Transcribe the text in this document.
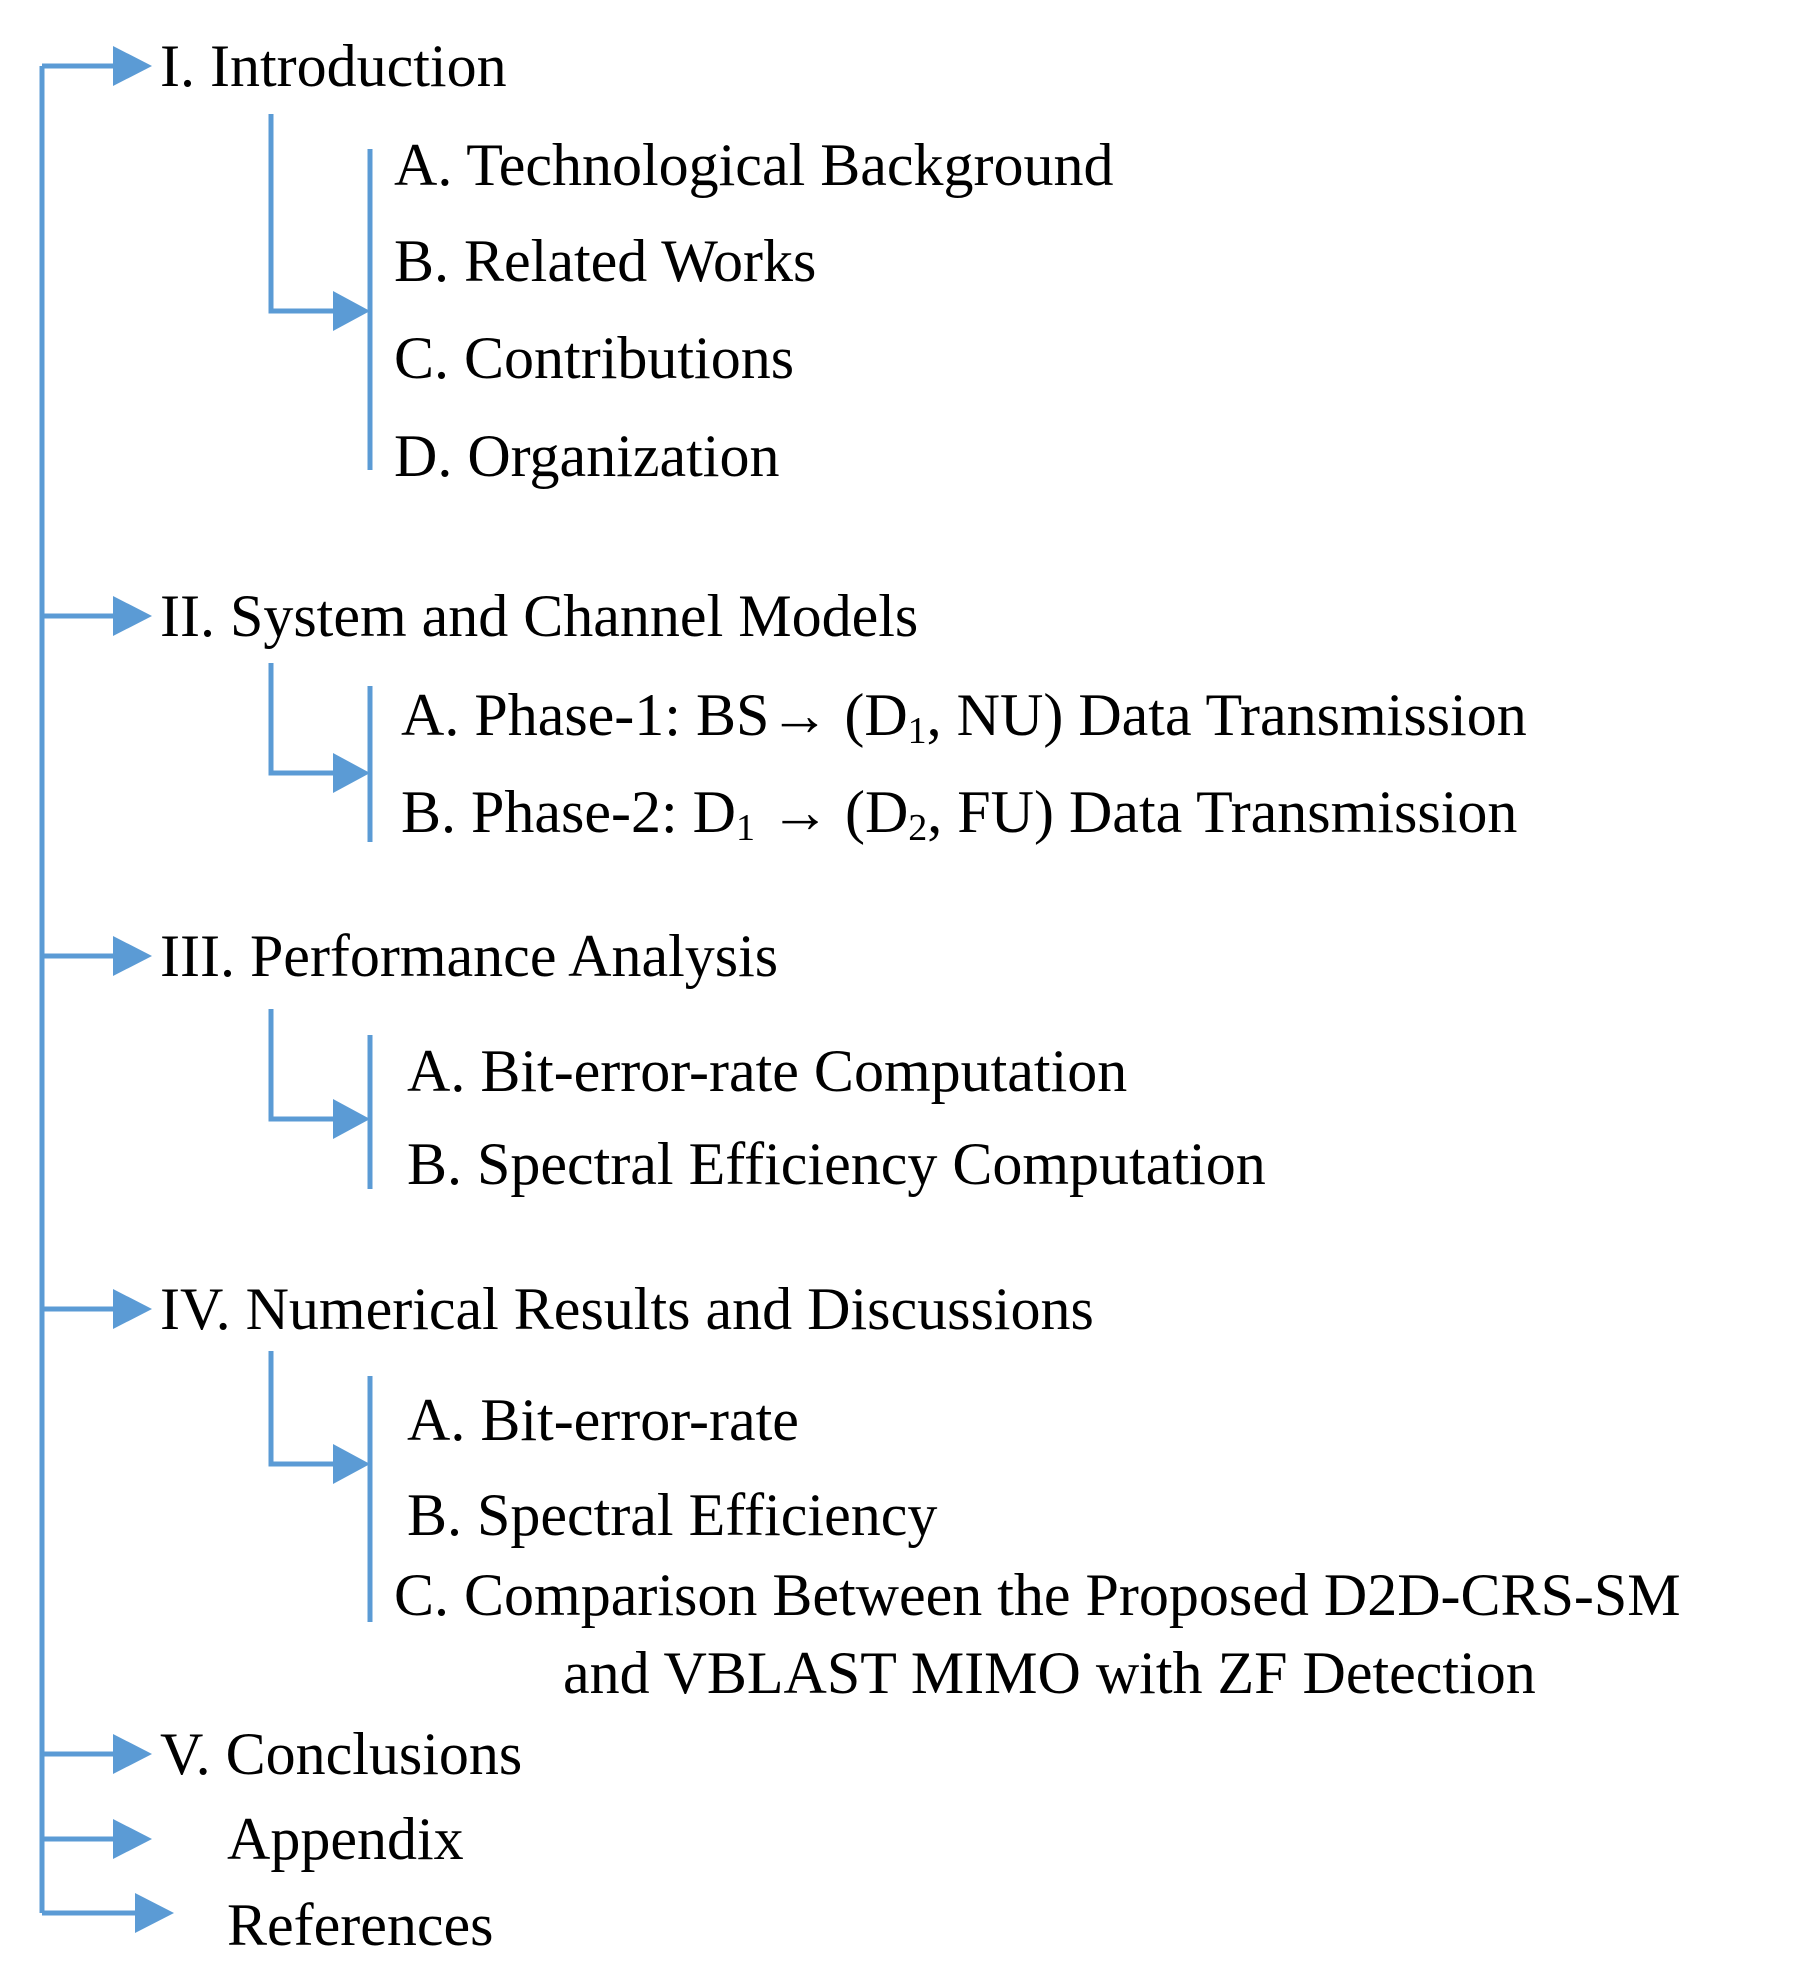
I. Introduction
A. Technological Background
B. Related Works
C. Contributions
D. Organization
II. System and Channel Models
A. Phase-1: $BS\to (D_1$, NU) Data Transmission
B. Phase-2: $D_1 \to (D_2$, FU) Data Transmission
III. Performance Analysis
A. Bit-error-rate Computation
B. Spectral Efficiency Computation
IV. Numerical Results and Discussions
A. Bit-error-rate
B. Spectral Efficiency
C. Comparison Between the Proposed D2D-CRS-SM
and VBLAST MIMO with ZF Detection
V. Conclusions
Appendix
References
